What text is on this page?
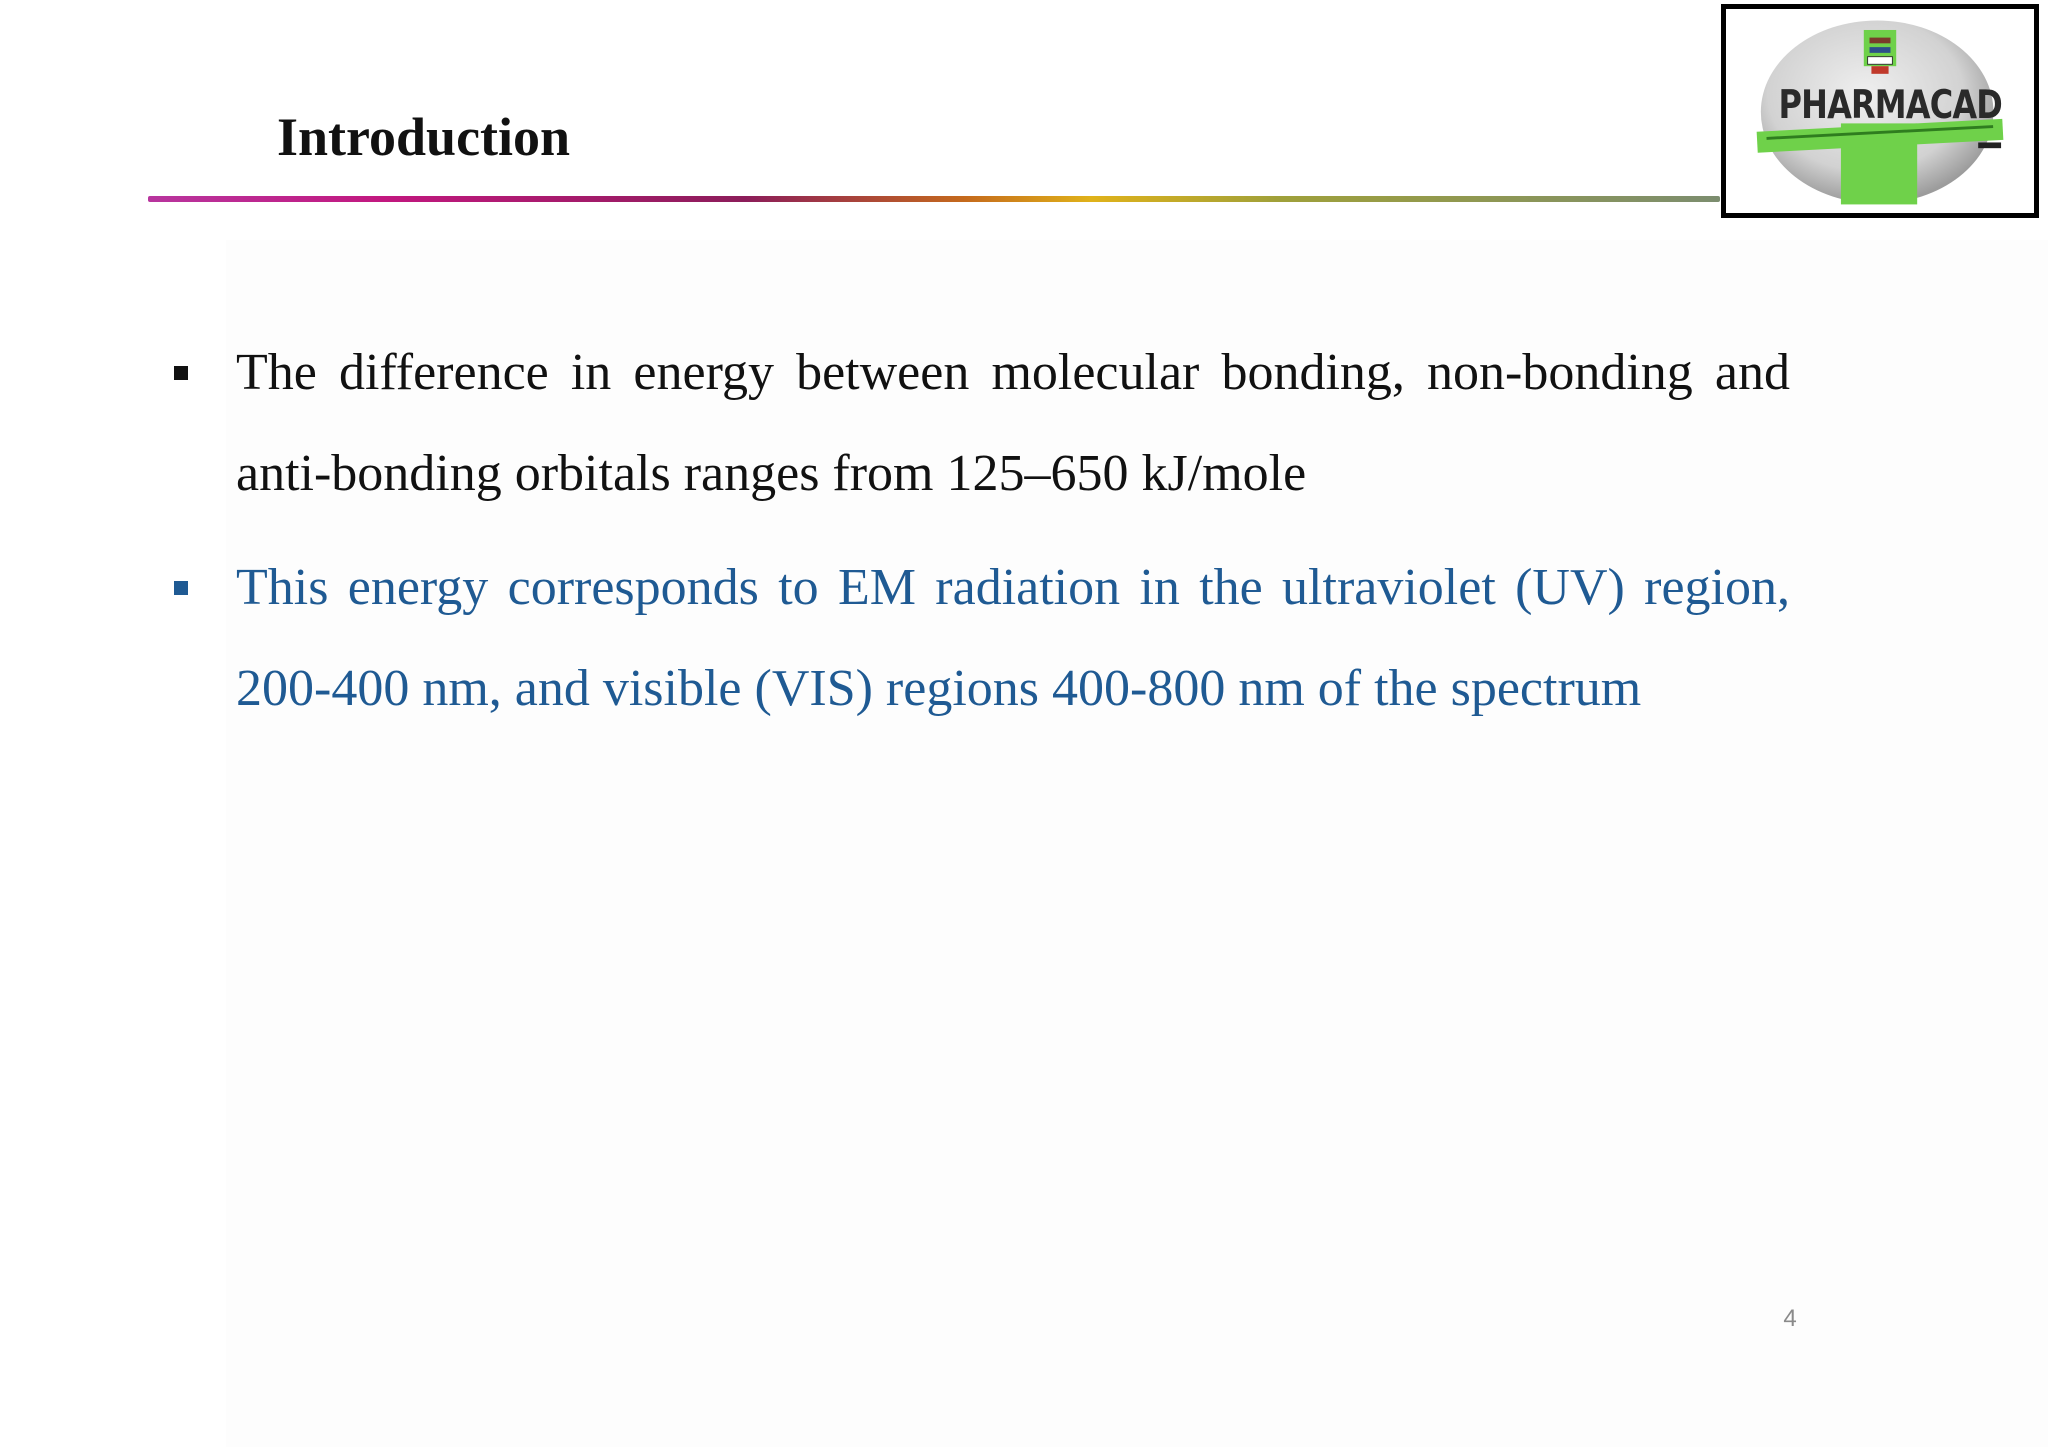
Introduction
PHARMACAD
The difference in energy between molecular bonding, non-bonding and anti-bonding orbitals ranges from 125–650 kJ/mole
This energy corresponds to EM radiation in the ultraviolet (UV) region, 200-400 nm, and visible (VIS) regions 400-800 nm of the spectrum
4
